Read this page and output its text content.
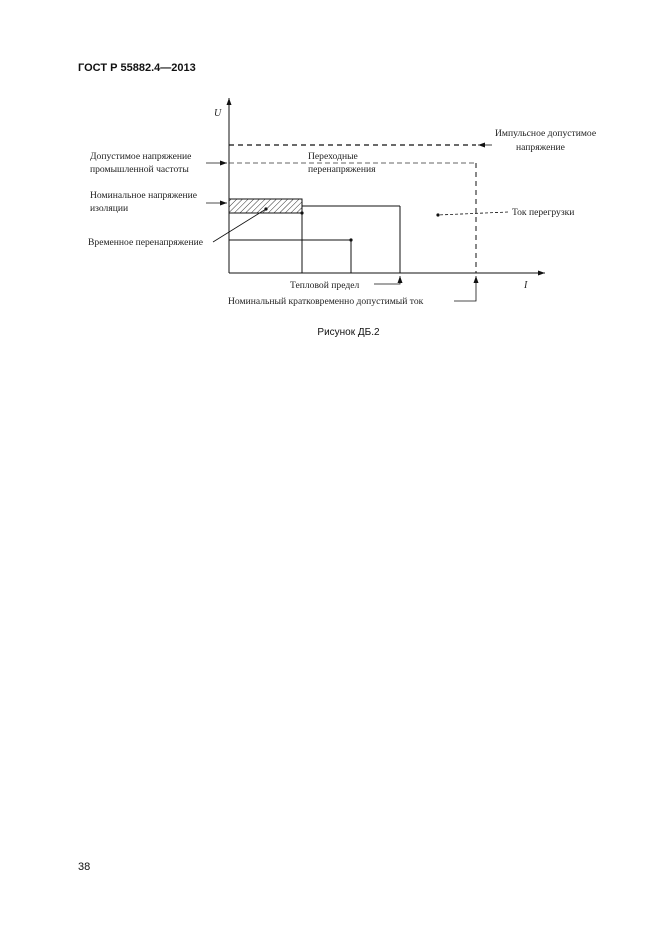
ГОСТ Р 55882.4—2013
U
I
Импульсное допустимое
напряжение
Допустимое напряжение
промышленной частоты
Переходные
перенапряжения
Номинальное напряжение
изоляции	Ток перегрузки
Временное перенапряжение
Тепловой предел
Номинальный кратковременно допустимый ток
Рисунок ДБ.2
38
